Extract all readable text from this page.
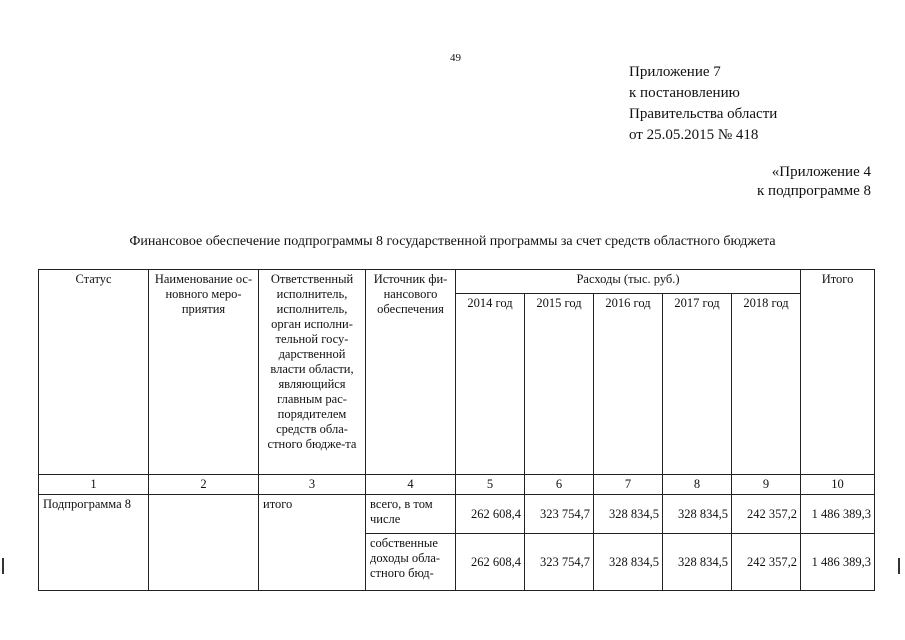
49
Приложение 7
к постановлению
Правительства области
от 25.05.2015 № 418
«Приложение 4
к подпрограмме 8
Финансовое обеспечение подпрограммы 8 государственной программы за счет средств областного бюджета
Статус	Наименование ос-новного меро-приятия	Ответственный исполнитель, исполнитель, орган исполни-тельной госу-дарственной власти области, являющийся главным рас-порядителем средств обла-стного бюдже-та	Источник фи-нансового обеспечения	Расходы (тыс. руб.)					Итого
				2014 год	2015 год	2016 год	2017 год	2018 год	
1	2	3	4	5	6	7	8	9	10
Подпрограмма 8		итого	всего, в том числе	262 608,4	323 754,7	328 834,5	328 834,5	242 357,2	1 486 389,3
			собственные доходы обла-стного бюд-	262 608,4	323 754,7	328 834,5	328 834,5	242 357,2	1 486 389,3
